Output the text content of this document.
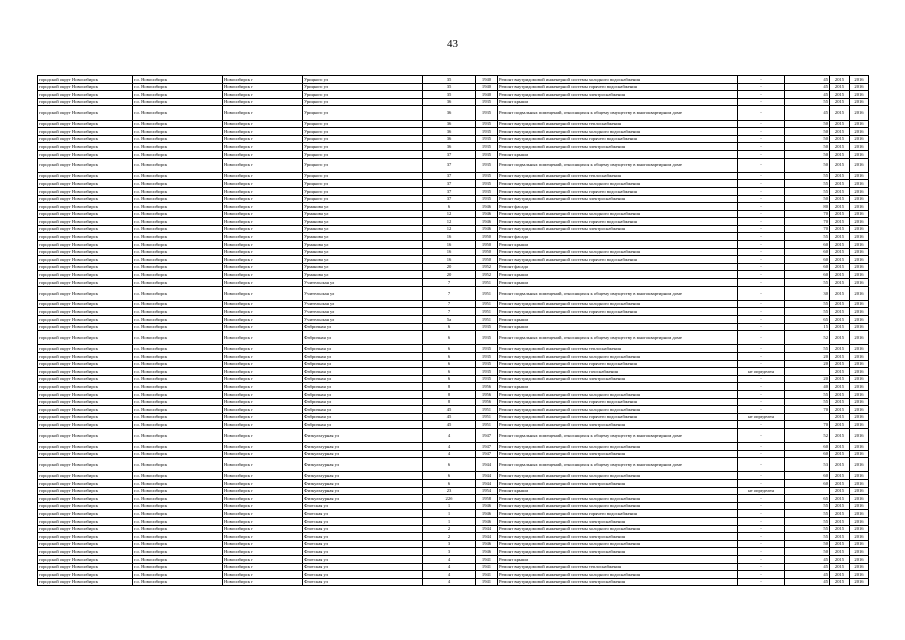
43
городской округ Новосибирск	г.о. Новосибирск	Новосибирск г	Урицкого ул	35	1940	Ремонт внутридомовой инженерной системы холодного водоснабжения	-	45	2015	2016
городской округ Новосибирск	г.о. Новосибирск	Новосибирск г	Урицкого ул	35	1940	Ремонт внутридомовой инженерной системы горячего водоснабжения	-	45	2015	2016
городской округ Новосибирск	г.о. Новосибирск	Новосибирск г	Урицкого ул	35	1940	Ремонт внутридомовой инженерной системы электроснабжения	-	45	2015	2016
городской округ Новосибирск	г.о. Новосибирск	Новосибирск г	Урицкого ул	36	1935	Ремонт крыши	-	55	2015	2016
городской округ Новосибирск	г.о. Новосибирск	Новосибирск г	Урицкого ул	36	1935	Ремонт подвальных помещений, относящихся к общему имуществу в многоквартирном доме	-	45	2015	2016
городской округ Новосибирск	г.о. Новосибирск	Новосибирск г	Урицкого ул	36	1935	Ремонт внутридомовой инженерной системы теплоснабжения	-	50	2015	2016
городской округ Новосибирск	г.о. Новосибирск	Новосибирск г	Урицкого ул	36	1935	Ремонт внутридомовой инженерной системы холодного водоснабжения	-	50	2015	2016
городской округ Новосибирск	г.о. Новосибирск	Новосибирск г	Урицкого ул	36	1935	Ремонт внутридомовой инженерной системы горячего водоснабжения	-	50	2015	2016
городской округ Новосибирск	г.о. Новосибирск	Новосибирск г	Урицкого ул	36	1935	Ремонт внутридомовой инженерной системы электроснабжения	-	50	2015	2016
городской округ Новосибирск	г.о. Новосибирск	Новосибирск г	Урицкого ул	37	1935	Ремонт крыши	-	50	2015	2016
городской округ Новосибирск	г.о. Новосибирск	Новосибирск г	Урицкого ул	37	1935	Ремонт подвальных помещений, относящихся к общему имуществу в многоквартирном доме	-	50	2015	2016
городской округ Новосибирск	г.о. Новосибирск	Новосибирск г	Урицкого ул	37	1935	Ремонт внутридомовой инженерной системы теплоснабжения	-	55	2015	2016
городской округ Новосибирск	г.о. Новосибирск	Новосибирск г	Урицкого ул	37	1935	Ремонт внутридомовой инженерной системы холодного водоснабжения	-	55	2015	2016
городской округ Новосибирск	г.о. Новосибирск	Новосибирск г	Урицкого ул	37	1935	Ремонт внутридомовой инженерной системы горячего водоснабжения	-	55	2015	2016
городской округ Новосибирск	г.о. Новосибирск	Новосибирск г	Урицкого ул	37	1935	Ремонт внутридомовой инженерной системы электроснабжения	-	50	2015	2016
городской округ Новосибирск	г.о. Новосибирск	Новосибирск г	Урманова ул	6	1946	Ремонт фасада	-	80	2015	2016
городской округ Новосибирск	г.о. Новосибирск	Новосибирск г	Урманова ул	12	1946	Ремонт внутридомовой инженерной системы холодного водоснабжения	-	70	2015	2016
городской округ Новосибирск	г.о. Новосибирск	Новосибирск г	Урманова ул	12	1946	Ремонт внутридомовой инженерной системы горячего водоснабжения	-	70	2015	2016
городской округ Новосибирск	г.о. Новосибирск	Новосибирск г	Урманова ул	12	1946	Ремонт внутридомовой инженерной системы электроснабжения	-	70	2015	2016
городской округ Новосибирск	г.о. Новосибирск	Новосибирск г	Урманова ул	16	1950	Ремонт фасада	-	55	2015	2016
городской округ Новосибирск	г.о. Новосибирск	Новосибирск г	Урманова ул	16	1950	Ремонт крыши	-	60	2015	2016
городской округ Новосибирск	г.о. Новосибирск	Новосибирск г	Урманова ул	16	1950	Ремонт внутридомовой инженерной системы холодного водоснабжения	-	60	2015	2016
городской округ Новосибирск	г.о. Новосибирск	Новосибирск г	Урманова ул	16	1950	Ремонт внутридомовой инженерной системы горячего водоснабжения	-	60	2015	2016
городской округ Новосибирск	г.о. Новосибирск	Новосибирск г	Урманова ул	20	1952	Ремонт фасада	-	60	2015	2016
городской округ Новосибирск	г.о. Новосибирск	Новосибирск г	Урманова ул	20	1952	Ремонт крыши	-	60	2015	2016
городской округ Новосибирск	г.о. Новосибирск	Новосибирск г	Учительская ул	7	1951	Ремонт крыши	-	55	2015	2016
городской округ Новосибирск	г.о. Новосибирск	Новосибирск г	Учительская ул	7	1951	Ремонт подвальных помещений, относящихся к общему имуществу в многоквартирном доме	-	30	2015	2016
городской округ Новосибирск	г.о. Новосибирск	Новосибирск г	Учительская ул	7	1951	Ремонт внутридомовой инженерной системы холодного водоснабжения	-	55	2015	2016
городской округ Новосибирск	г.о. Новосибирск	Новосибирск г	Учительская ул	7	1951	Ремонт внутридомовой инженерной системы горячего водоснабжения	-	55	2015	2016
городской округ Новосибирск	г.о. Новосибирск	Новосибирск г	Учительская ул	5а	1951	Ремонт крыши	-	65	2015	2016
городской округ Новосибирск	г.о. Новосибирск	Новосибирск г	Фабричная ул	6	1935	Ремонт крыши	-	15	2015	2016
городской округ Новосибирск	г.о. Новосибирск	Новосибирск г	Фабричная ул	6	1935	Ремонт подвальных помещений, относящихся к общему имуществу в многоквартирном доме	-	52	2015	2016
городской округ Новосибирск	г.о. Новосибирск	Новосибирск г	Фабричная ул	6	1935	Ремонт внутридомовой инженерной системы теплоснабжения	-	55	2015	2016
городской округ Новосибирск	г.о. Новосибирск	Новосибирск г	Фабричная ул	6	1935	Ремонт внутридомовой инженерной системы холодного водоснабжения	-	20	2015	2016
городской округ Новосибирск	г.о. Новосибирск	Новосибирск г	Фабричная ул	6	1935	Ремонт внутридомовой инженерной системы горячего водоснабжения	-	20	2015	2016
городской округ Новосибирск	г.о. Новосибирск	Новосибирск г	Фабричная ул	6	1935	Ремонт внутридомовой инженерной системы газоснабжения	не определен		2015	2016
городской округ Новосибирск	г.о. Новосибирск	Новосибирск г	Фабричная ул	6	1935	Ремонт внутридомовой инженерной системы электроснабжения	-	20	2015	2016
городской округ Новосибирск	г.о. Новосибирск	Новосибирск г	Фабричная ул	8	1956	Ремонт крыши	-	40	2015	2016
городской округ Новосибирск	г.о. Новосибирск	Новосибирск г	Фабричная ул	8	1956	Ремонт внутридомовой инженерной системы холодного водоснабжения	-	55	2015	2016
городской округ Новосибирск	г.о. Новосибирск	Новосибирск г	Фабричная ул	8	1956	Ремонт внутридомовой инженерной системы горячего водоснабжения	-	55	2015	2016
городской округ Новосибирск	г.о. Новосибирск	Новосибирск г	Фабричная ул	45	1951	Ремонт внутридомовой инженерной системы холодного водоснабжения	-	70	2015	2016
городской округ Новосибирск	г.о. Новосибирск	Новосибирск г	Фабричная ул	45	1951	Ремонт внутридомовой инженерной системы горячего водоснабжения	не определен		2015	2016
городской округ Новосибирск	г.о. Новосибирск	Новосибирск г	Фабричная ул	45	1951	Ремонт внутридомовой инженерной системы электроснабжения	-	70	2015	2016
городской округ Новосибирск	г.о. Новосибирск	Новосибирск г	Физкультурная ул	4	1947	Ремонт подвальных помещений, относящихся к общему имуществу в многоквартирном доме	-	52	2015	2016
городской округ Новосибирск	г.о. Новосибирск	Новосибирск г	Физкультурная ул	4	1947	Ремонт внутридомовой инженерной системы холодного водоснабжения	-	60	2015	2016
городской округ Новосибирск	г.о. Новосибирск	Новосибирск г	Физкультурная ул	4	1947	Ремонт внутридомовой инженерной системы электроснабжения	-	60	2015	2016
городской округ Новосибирск	г.о. Новосибирск	Новосибирск г	Физкультурная ул	6	1944	Ремонт подвальных помещений, относящихся к общему имуществу в многоквартирном доме	-	53	2015	2016
городской округ Новосибирск	г.о. Новосибирск	Новосибирск г	Физкультурная ул	6	1944	Ремонт внутридомовой инженерной системы холодного водоснабжения	-	60	2015	2016
городской округ Новосибирск	г.о. Новосибирск	Новосибирск г	Физкультурная ул	6	1944	Ремонт внутридомовой инженерной системы электроснабжения	-	60	2015	2016
городской округ Новосибирск	г.о. Новосибирск	Новосибирск г	Физкультурная ул	23	1954	Ремонт крыши	не определен		2015	2016
городской округ Новосибирск	г.о. Новосибирск	Новосибирск г	Физкультурная ул	22б	1958	Ремонт внутридомовой инженерной системы холодного водоснабжения	-	65	2015	2016
городской округ Новосибирск	г.о. Новосибирск	Новосибирск г	Флотская ул	1	1946	Ремонт внутридомовой инженерной системы холодного водоснабжения	-	55	2015	2016
городской округ Новосибирск	г.о. Новосибирск	Новосибирск г	Флотская ул	1	1946	Ремонт внутридомовой инженерной системы горячего водоснабжения	-	55	2015	2016
городской округ Новосибирск	г.о. Новосибирск	Новосибирск г	Флотская ул	1	1946	Ремонт внутридомовой инженерной системы электроснабжения	-	55	2015	2016
городской округ Новосибирск	г.о. Новосибирск	Новосибирск г	Флотская ул	2	1944	Ремонт внутридомовой инженерной системы холодного водоснабжения	-	55	2015	2016
городской округ Новосибирск	г.о. Новосибирск	Новосибирск г	Флотская ул	2	1944	Ремонт внутридомовой инженерной системы электроснабжения	-	55	2015	2016
городской округ Новосибирск	г.о. Новосибирск	Новосибирск г	Флотская ул	3	1946	Ремонт внутридомовой инженерной системы холодного водоснабжения	-	50	2015	2016
городской округ Новосибирск	г.о. Новосибирск	Новосибирск г	Флотская ул	3	1946	Ремонт внутридомовой инженерной системы электроснабжения	-	50	2015	2016
городской округ Новосибирск	г.о. Новосибирск	Новосибирск г	Флотская ул	4	1941	Ремонт крыши	-	45	2015	2016
городской округ Новосибирск	г.о. Новосибирск	Новосибирск г	Флотская ул	4	1941	Ремонт внутридомовой инженерной системы теплоснабжения	-	45	2015	2016
городской округ Новосибирск	г.о. Новосибирск	Новосибирск г	Флотская ул	4	1941	Ремонт внутридомовой инженерной системы холодного водоснабжения	-	45	2015	2016
городской округ Новосибирск	г.о. Новосибирск	Новосибирск г	Флотская ул	4	1941	Ремонт внутридомовой инженерной системы электроснабжения	-	45	2015	2016
